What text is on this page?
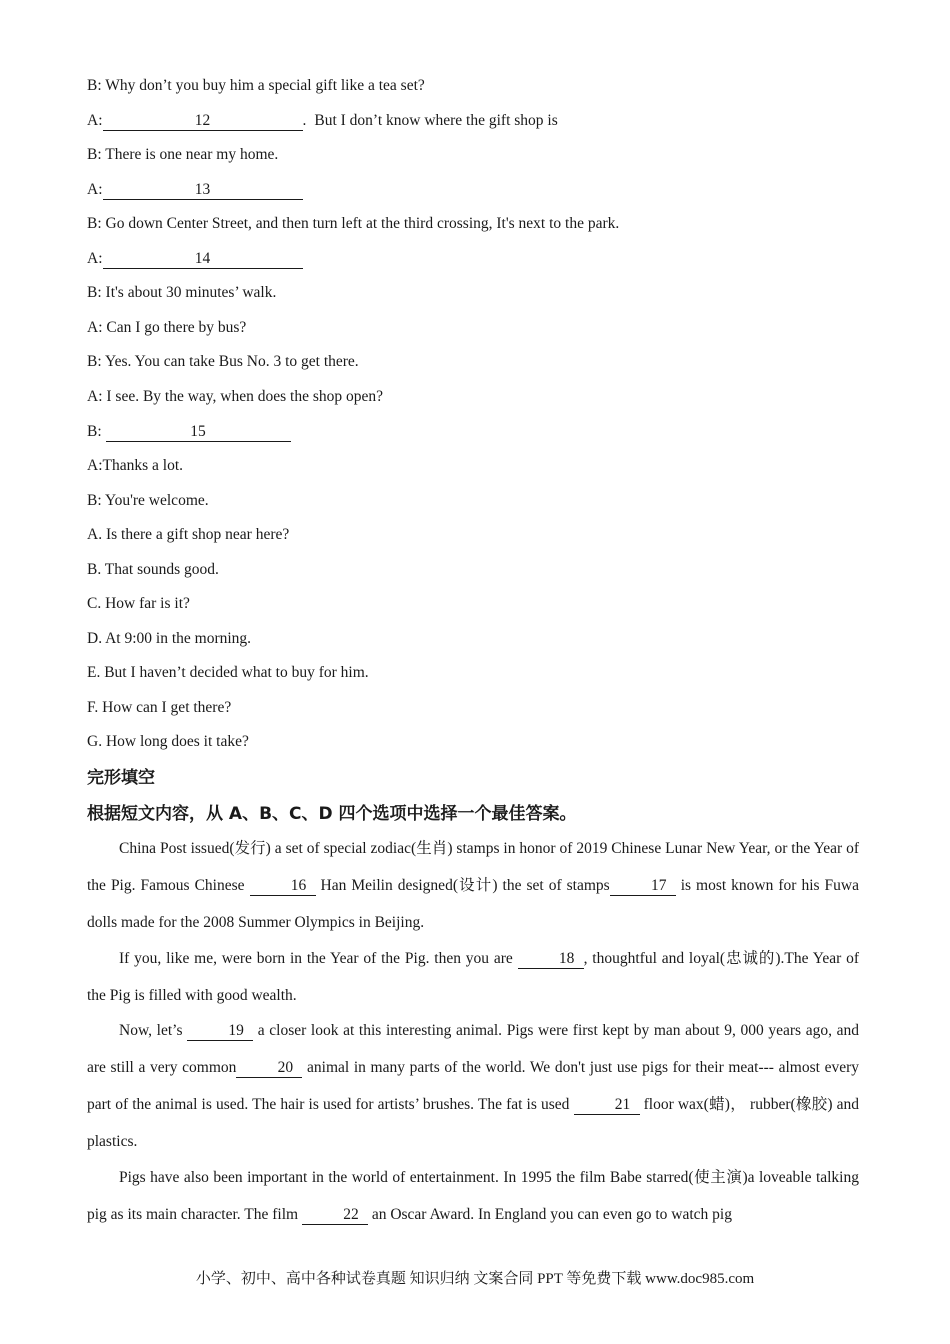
B: Why don’t you buy him a special gift like a tea set?
A:	12	. But I don’t know where the gift shop is
B: There is one near my home.
A:	13
B: Go down Center Street, and then turn left at the third crossing, It's next to the park.
A:	14
B: It's about 30 minutes’ walk.
A: Can I go there by bus?
B: Yes. You can take Bus No. 3 to get there.
A: I see. By the way, when does the shop open?
B:	15
A:Thanks a lot.
B: You're welcome.
A. Is there a gift shop near here?
B. That sounds good.
C. How far is it?
D. At 9:00 in the morning.
E. But I haven’t decided what to buy for him.
F. How can I get there?
G. How long does it take?
完形填空
根据短文内容，从 A、B、C、D 四个选项中选择一个最佳答案。

China Post issued(发行) a set of special zodiac(生肖) stamps in honor of 2019 Chinese Lunar New Year, or the Year of the Pig. Famous Chinese	16 Han Meilin designed(设计) the set of stamps	17 is most known for his Fuwa dolls made for the 2008 Summer Olympics in Beijing.

If you, like me, were born in the Year of the Pig. then you are	18 , thoughtful and loyal(忠诚的).The Year of the Pig is filled with good wealth.

Now, let’s	19 a closer look at this interesting animal. Pigs were first kept by man about 9, 000 years ago, and are still a very common	20 animal in many parts of the world. We don't just use pigs for their meat--- almost every part of the animal is used. The hair is used for artists’ brushes. The fat is used	21 floor wax(蜡)， rubber(橡胶) and plastics.

Pigs have also been important in the world of entertainment. In 1995 the film Babe starred(使主演)a loveable talking pig as its main character. The film	22 an Oscar Award. In England you can even go to watch pig

小学、初中、高中各种试卷真题 知识归纳 文案合同 PPT 等免费下载 www.doc985.com
